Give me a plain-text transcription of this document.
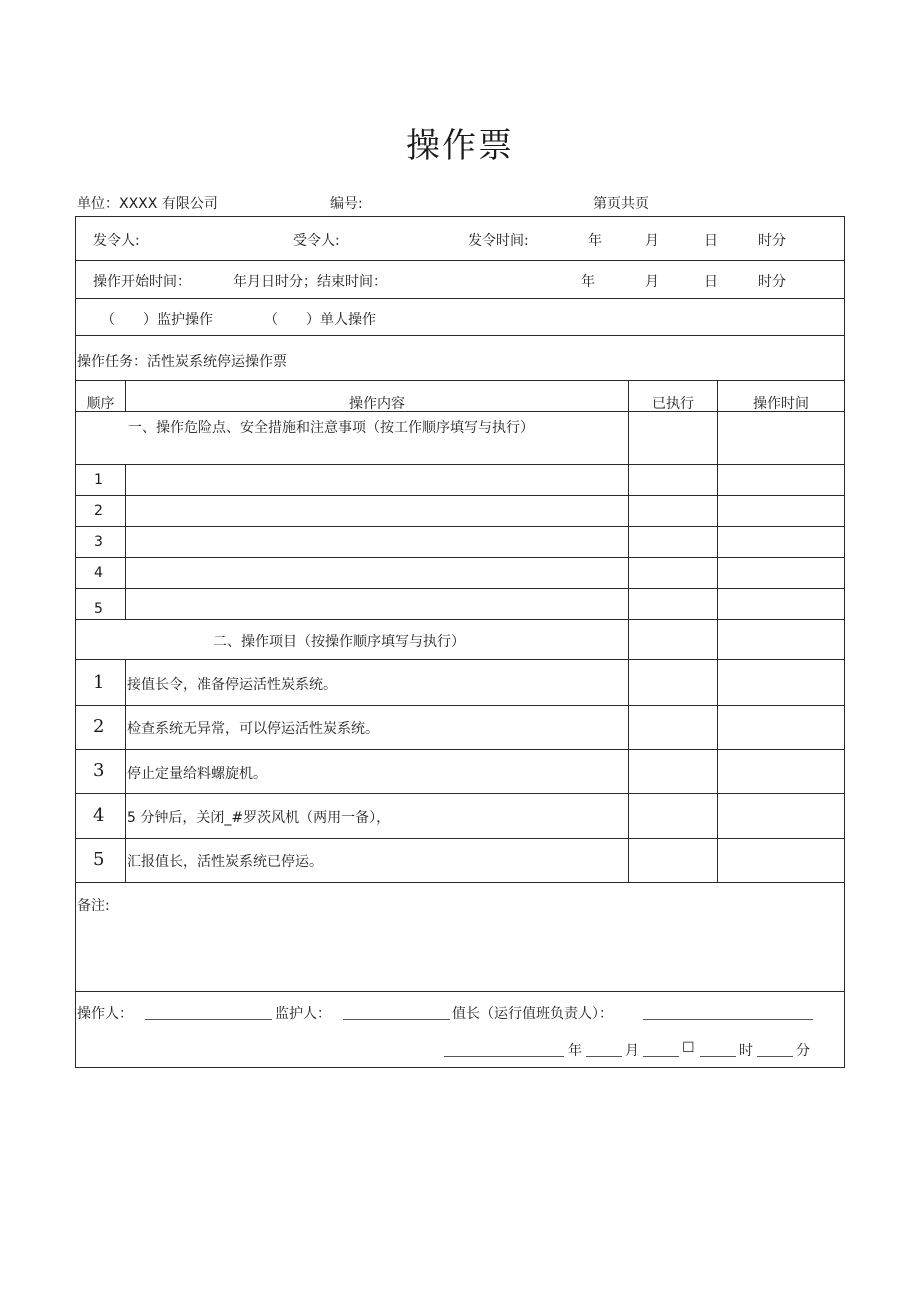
操作票
单位：XXXX 有限公司	编号:	第页共页
发令人:	受令人:	发令时间:	年	月	日	时分
操作开始时间：	年月日时分；结束时间：	年	月	日	时分
（　　）监护操作	（　　）单人操作
操作任务：活性炭系统停运操作票
顺序	操作内容	已执行	操作时间
一、操作危险点、安全措施和注意事项（按工作顺序填写与执行）
1
2
3
4
5
二、操作项目（按操作顺序填写与执行）
1 接值长令，准备停运活性炭系统。
2 检查系统无异常，可以停运活性炭系统。
3 停止定量给料螺旋机。
4 5 分钟后，关闭_#罗茨风机（两用一备），
5 汇报值长，活性炭系统已停运。
备注:
操作人：	监护人：	值长（运行值班负责人）：
年	月	☐	时	分
